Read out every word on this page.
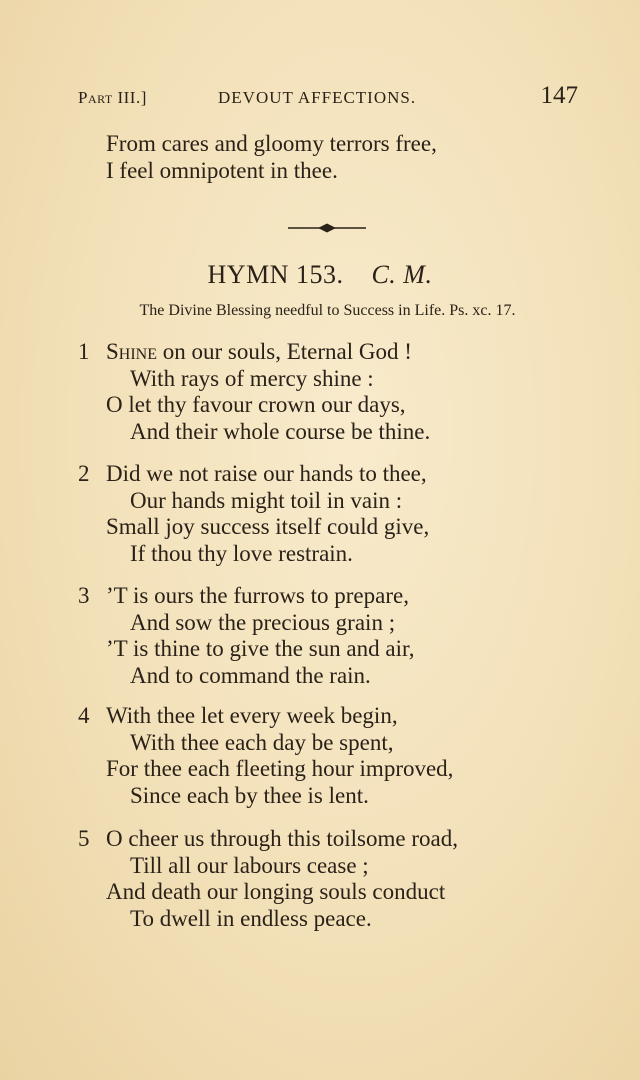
Part III.]	DEVOUT AFFECTIONS.	147
From cares and gloomy terrors free,
I feel omnipotent in thee.
HYMN 153. C. M.
The Divine Blessing needful to Success in Life. Ps. xc. 17.
1 Shine on our souls, Eternal God !
With rays of mercy shine :
O let thy favour crown our days,
And their whole course be thine.
2 Did we not raise our hands to thee,
Our hands might toil in vain :
Small joy success itself could give,
If thou thy love restrain.
3 ’T is ours the furrows to prepare,
And sow the precious grain ;
’T is thine to give the sun and air,
And to command the rain.
4 With thee let every week begin,
With thee each day be spent,
For thee each fleeting hour improved,
Since each by thee is lent.
5 O cheer us through this toilsome road,
Till all our labours cease ;
And death our longing souls conduct
To dwell in endless peace.
